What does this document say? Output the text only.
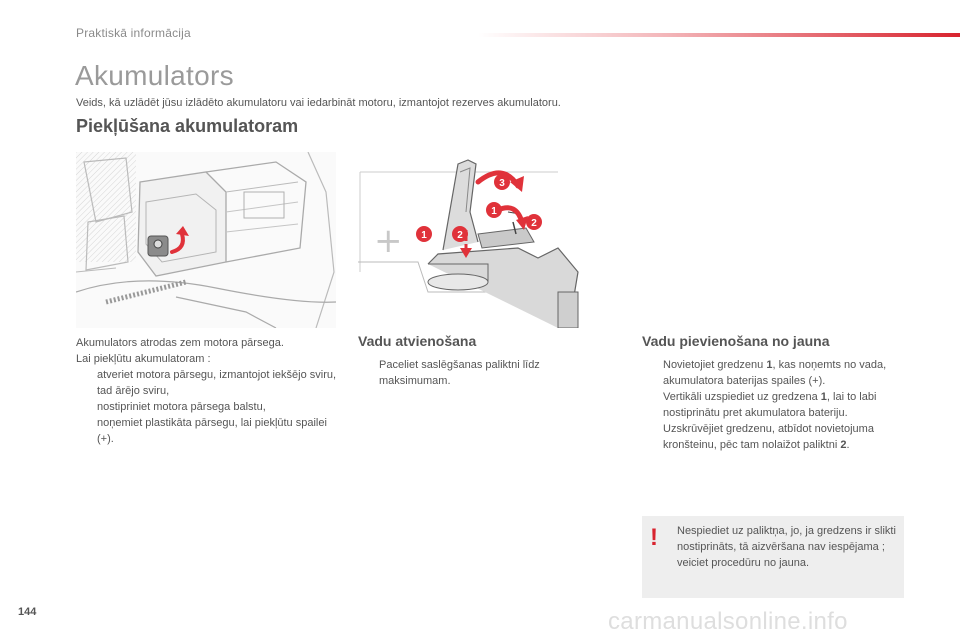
Praktiskā informācija
Akumulators
Veids, kā uzlādēt jūsu izlādēto akumulatoru vai iedarbināt motoru, izmantojot rezerves akumulatoru.
Piekļūšana akumulatoram
+ 1	2
3
1
2
Akumulators atrodas zem motora pārsega.
Lai piekļūtu akumulatoram :
atveriet motora pārsegu, izmantojot iekšējo sviru, tad ārējo sviru,
nostipriniet motora pārsega balstu,
noņemiet plastikāta pārsegu, lai piekļūtu spailei (+).
Vadu atvienošana
Paceliet saslēgšanas paliktni līdz maksimumam.
Vadu pievienošana no jauna
Novietojiet gredzenu 1, kas noņemts no vada, akumulatora baterijas spailes (+).
Vertikāli uzspiediet uz gredzena 1, lai to labi nostiprinātu pret akumulatora bateriju.
Uzskrūvējiet gredzenu, atbīdot novietojuma kronšteinu, pēc tam nolaižot paliktni 2.
! Nespiediet uz paliktņa, jo, ja gredzens ir slikti nostiprināts, tā aizvēršana nav iespējama ; veiciet procedūru no jauna.
144	carmanualsonline.info
